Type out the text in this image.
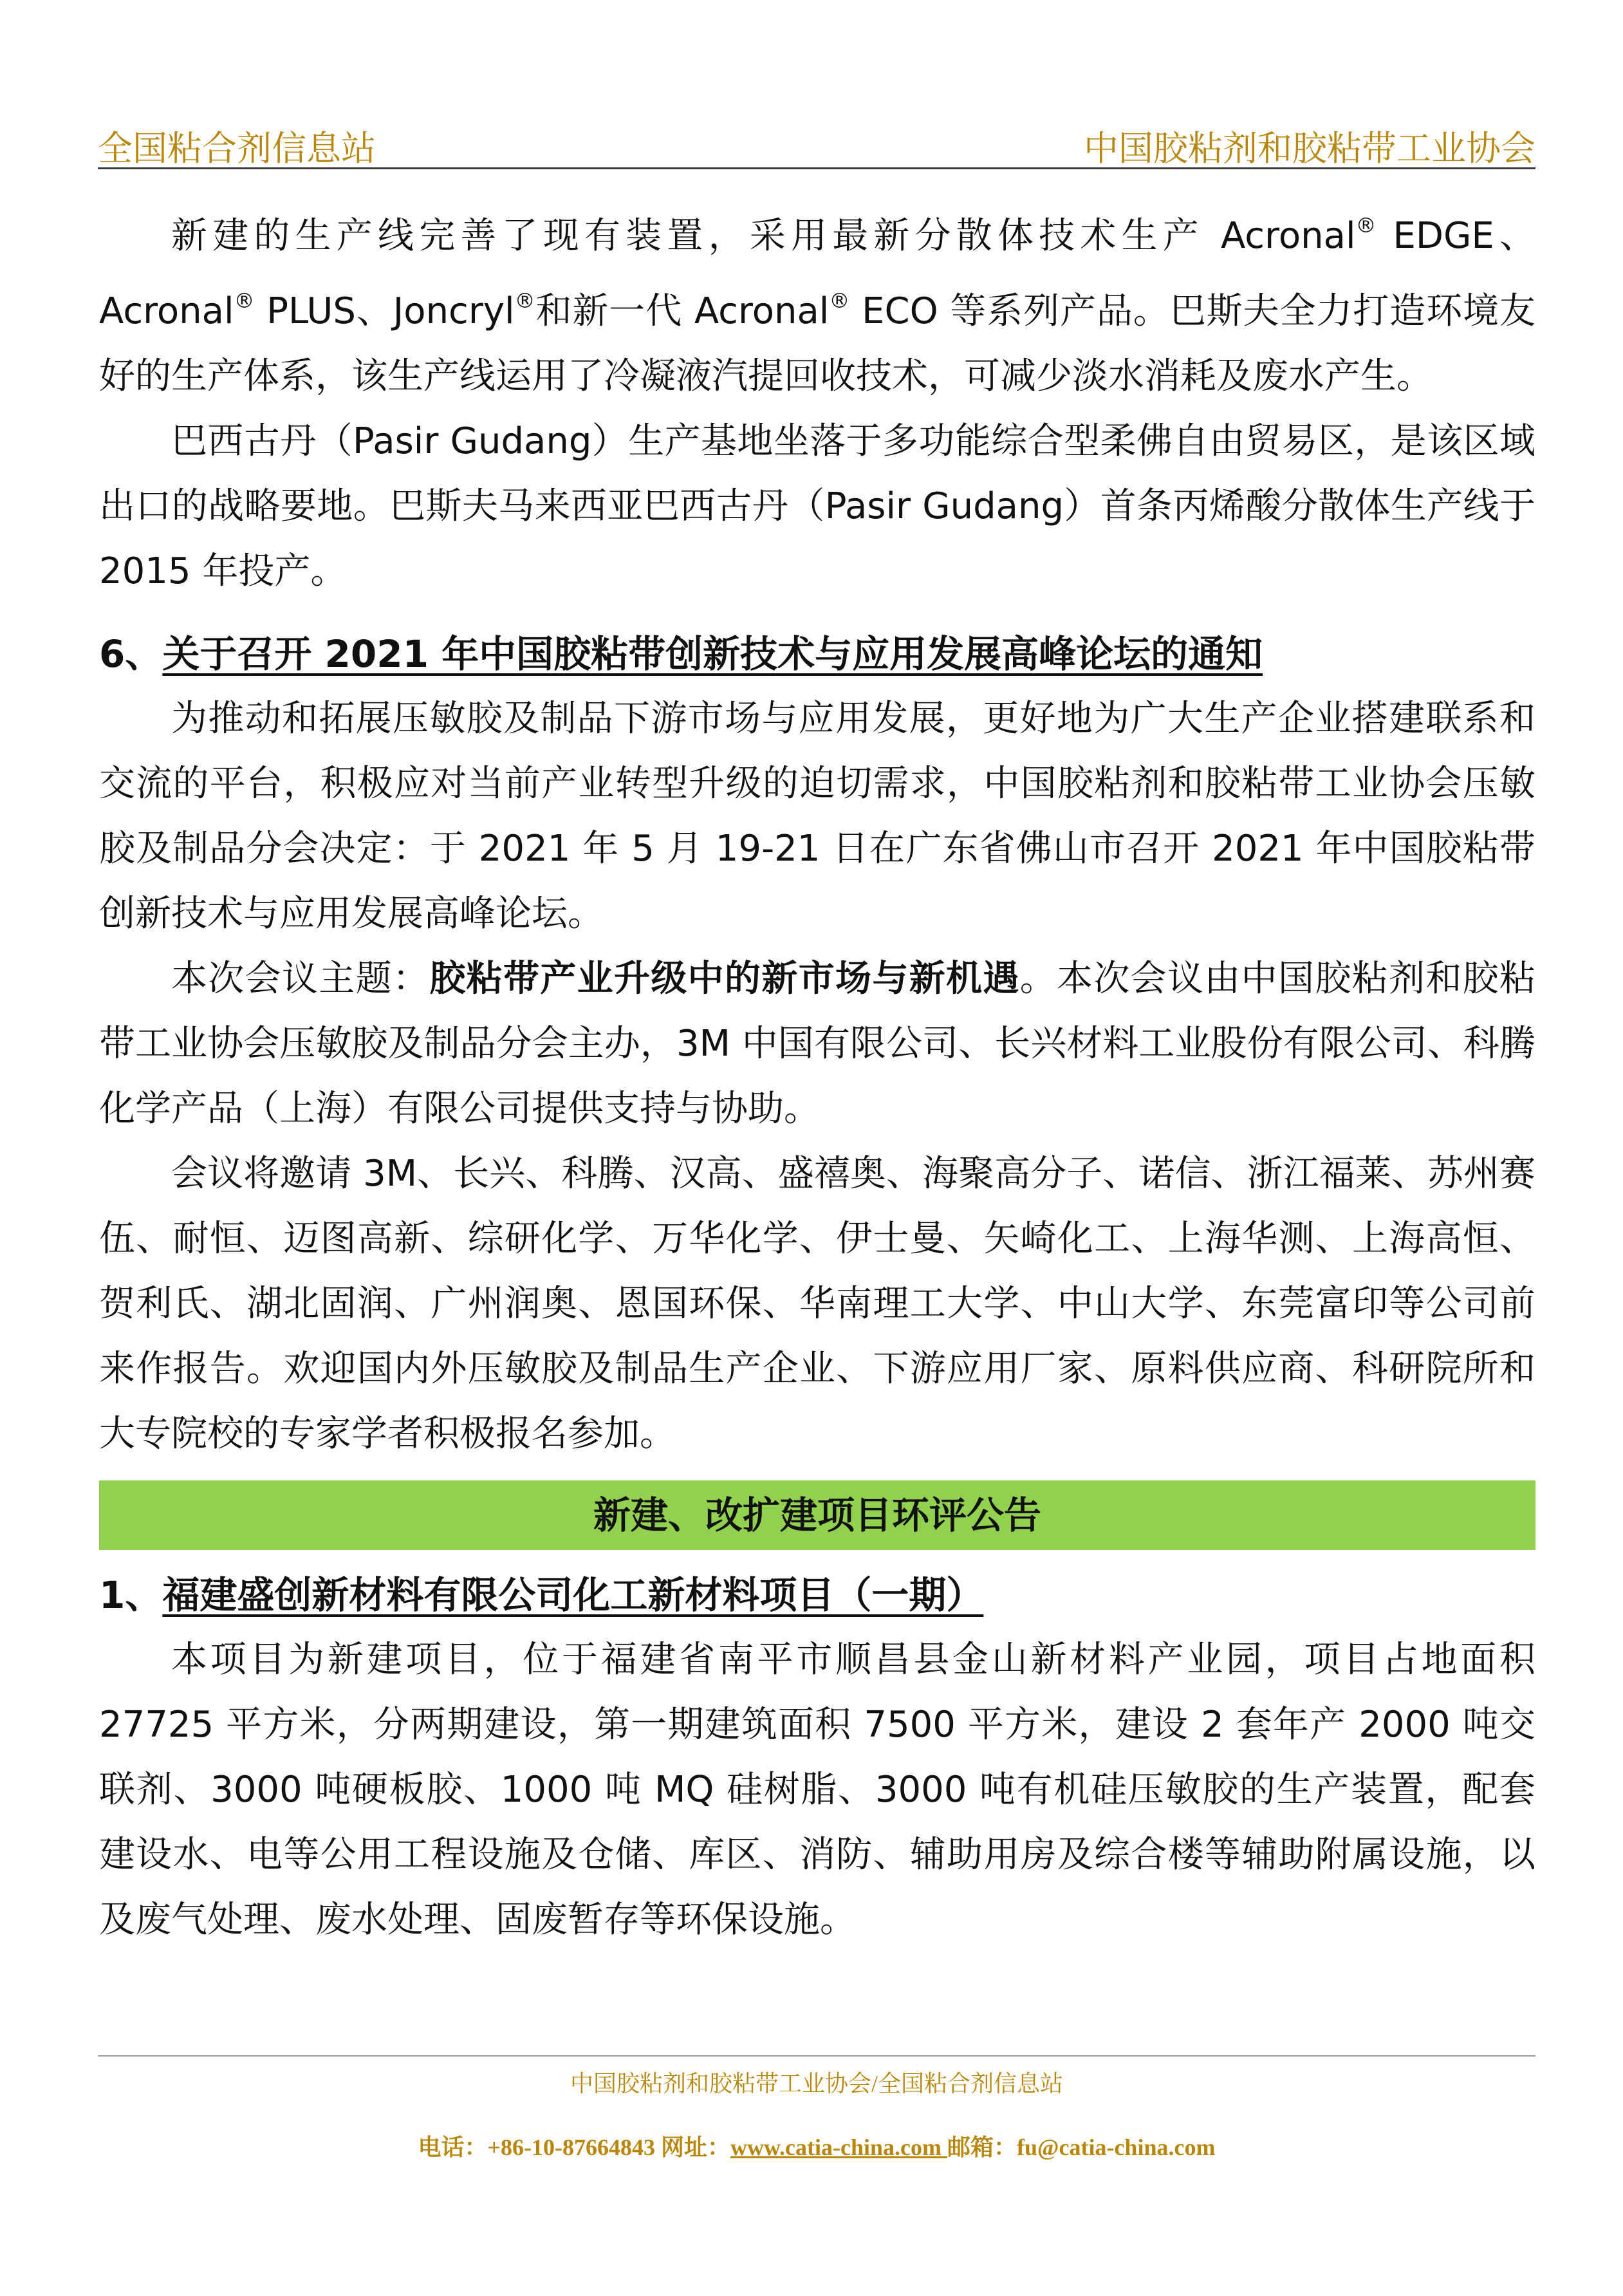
全国粘合剂信息站	中国胶粘剂和胶粘带工业协会

新建的生产线完善了现有装置，采用最新分散体技术生产 Acronal® EDGE、Acronal® PLUS、Joncryl®和新一代 Acronal® ECO 等系列产品。巴斯夫全力打造环境友好的生产体系，该生产线运用了冷凝液汽提回收技术，可减少淡水消耗及废水产生。

巴西古丹（Pasir Gudang）生产基地坐落于多功能综合型柔佛自由贸易区，是该区域出口的战略要地。巴斯夫马来西亚巴西古丹（Pasir Gudang）首条丙烯酸分散体生产线于 2015 年投产。

6、关于召开 2021 年中国胶粘带创新技术与应用发展高峰论坛的通知

为推动和拓展压敏胶及制品下游市场与应用发展，更好地为广大生产企业搭建联系和交流的平台，积极应对当前产业转型升级的迫切需求，中国胶粘剂和胶粘带工业协会压敏胶及制品分会决定：于 2021 年 5 月 19-21 日在广东省佛山市召开 2021 年中国胶粘带创新技术与应用发展高峰论坛。

本次会议主题：胶粘带产业升级中的新市场与新机遇。本次会议由中国胶粘剂和胶粘带工业协会压敏胶及制品分会主办，3M 中国有限公司、长兴材料工业股份有限公司、科腾化学产品（上海）有限公司提供支持与协助。

会议将邀请 3M、长兴、科腾、汉高、盛禧奥、海聚高分子、诺信、浙江福莱、苏州赛伍、耐恒、迈图高新、综研化学、万华化学、伊士曼、矢崎化工、上海华测、上海高恒、贺利氏、湖北固润、广州润奥、恩国环保、华南理工大学、中山大学、东莞富印等公司前来作报告。欢迎国内外压敏胶及制品生产企业、下游应用厂家、原料供应商、科研院所和大专院校的专家学者积极报名参加。

新建、改扩建项目环评公告

1、福建盛创新材料有限公司化工新材料项目（一期）

本项目为新建项目，位于福建省南平市顺昌县金山新材料产业园，项目占地面积 27725 平方米，分两期建设，第一期建筑面积 7500 平方米，建设 2 套年产 2000 吨交联剂、3000 吨硬板胶、1000 吨 MQ 硅树脂、3000 吨有机硅压敏胶的生产装置，配套建设水、电等公用工程设施及仓储、库区、消防、辅助用房及综合楼等辅助附属设施，以及废气处理、废水处理、固废暂存等环保设施。

中国胶粘剂和胶粘带工业协会/全国粘合剂信息站
电话：+86-10-87664843 网址：www.catia-china.com 邮箱：fu@catia-china.com
